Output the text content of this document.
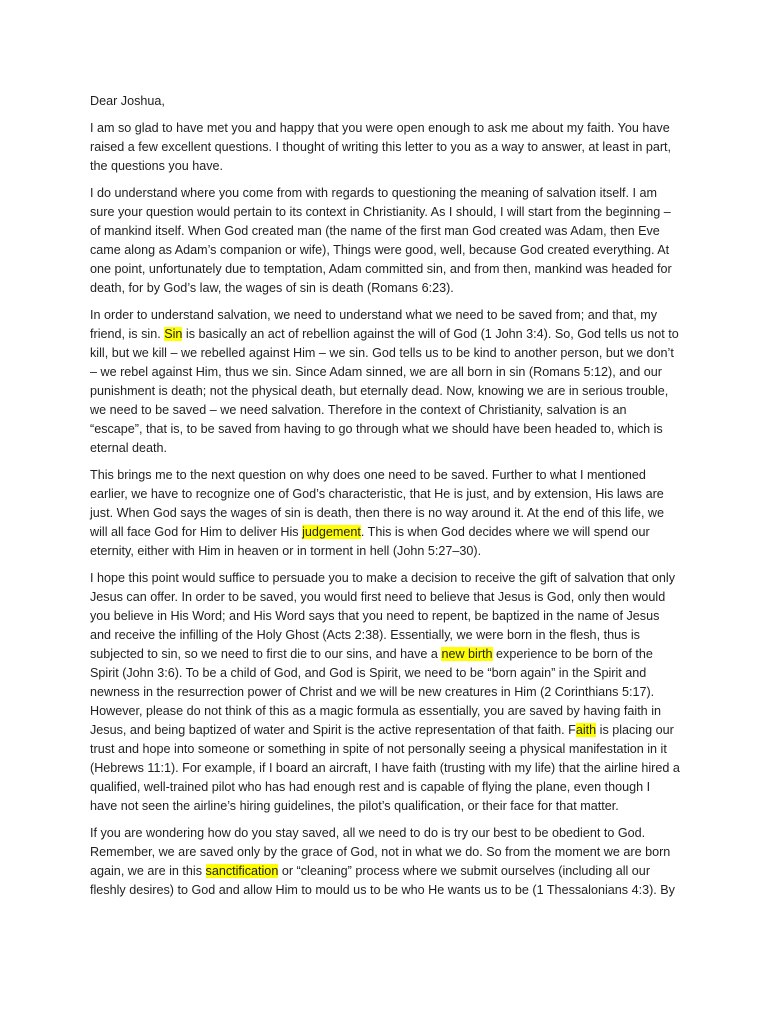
Dear Joshua,

I am so glad to have met you and happy that you were open enough to ask me about my faith. You have raised a few excellent questions. I thought of writing this letter to you as a way to answer, at least in part, the questions you have.

I do understand where you come from with regards to questioning the meaning of salvation itself. I am sure your question would pertain to its context in Christianity. As I should, I will start from the beginning – of mankind itself. When God created man (the name of the first man God created was Adam, then Eve came along as Adam’s companion or wife), Things were good, well, because God created everything. At one point, unfortunately due to temptation, Adam committed sin, and from then, mankind was headed for death, for by God’s law, the wages of sin is death (Romans 6:23).

In order to understand salvation, we need to understand what we need to be saved from; and that, my friend, is sin. Sin is basically an act of rebellion against the will of God (1 John 3:4). So, God tells us not to kill, but we kill – we rebelled against Him – we sin. God tells us to be kind to another person, but we don’t – we rebel against Him, thus we sin. Since Adam sinned, we are all born in sin (Romans 5:12), and our punishment is death; not the physical death, but eternally dead. Now, knowing we are in serious trouble, we need to be saved – we need salvation. Therefore in the context of Christianity, salvation is an “escape”, that is, to be saved from having to go through what we should have been headed to, which is eternal death.

This brings me to the next question on why does one need to be saved. Further to what I mentioned earlier, we have to recognize one of God’s characteristic, that He is just, and by extension, His laws are just. When God says the wages of sin is death, then there is no way around it. At the end of this life, we will all face God for Him to deliver His judgement. This is when God decides where we will spend our eternity, either with Him in heaven or in torment in hell (John 5:27–30).

I hope this point would suffice to persuade you to make a decision to receive the gift of salvation that only Jesus can offer. In order to be saved, you would first need to believe that Jesus is God, only then would you believe in His Word; and His Word says that you need to repent, be baptized in the name of Jesus and receive the infilling of the Holy Ghost (Acts 2:38). Essentially, we were born in the flesh, thus is subjected to sin, so we need to first die to our sins, and have a new birth experience to be born of the Spirit (John 3:6). To be a child of God, and God is Spirit, we need to be “born again” in the Spirit and newness in the resurrection power of Christ and we will be new creatures in Him (2 Corinthians 5:17). However, please do not think of this as a magic formula as essentially, you are saved by having faith in Jesus, and being baptized of water and Spirit is the active representation of that faith. Faith is placing our trust and hope into someone or something in spite of not personally seeing a physical manifestation in it (Hebrews 11:1). For example, if I board an aircraft, I have faith (trusting with my life) that the airline hired a qualified, well-trained pilot who has had enough rest and is capable of flying the plane, even though I have not seen the airline’s hiring guidelines, the pilot’s qualification, or their face for that matter.

If you are wondering how do you stay saved, all we need to do is try our best to be obedient to God. Remember, we are saved only by the grace of God, not in what we do. So from the moment we are born again, we are in this sanctification or “cleaning” process where we submit ourselves (including all our fleshly desires) to God and allow Him to mould us to be who He wants us to be (1 Thessalonians 4:3). By
